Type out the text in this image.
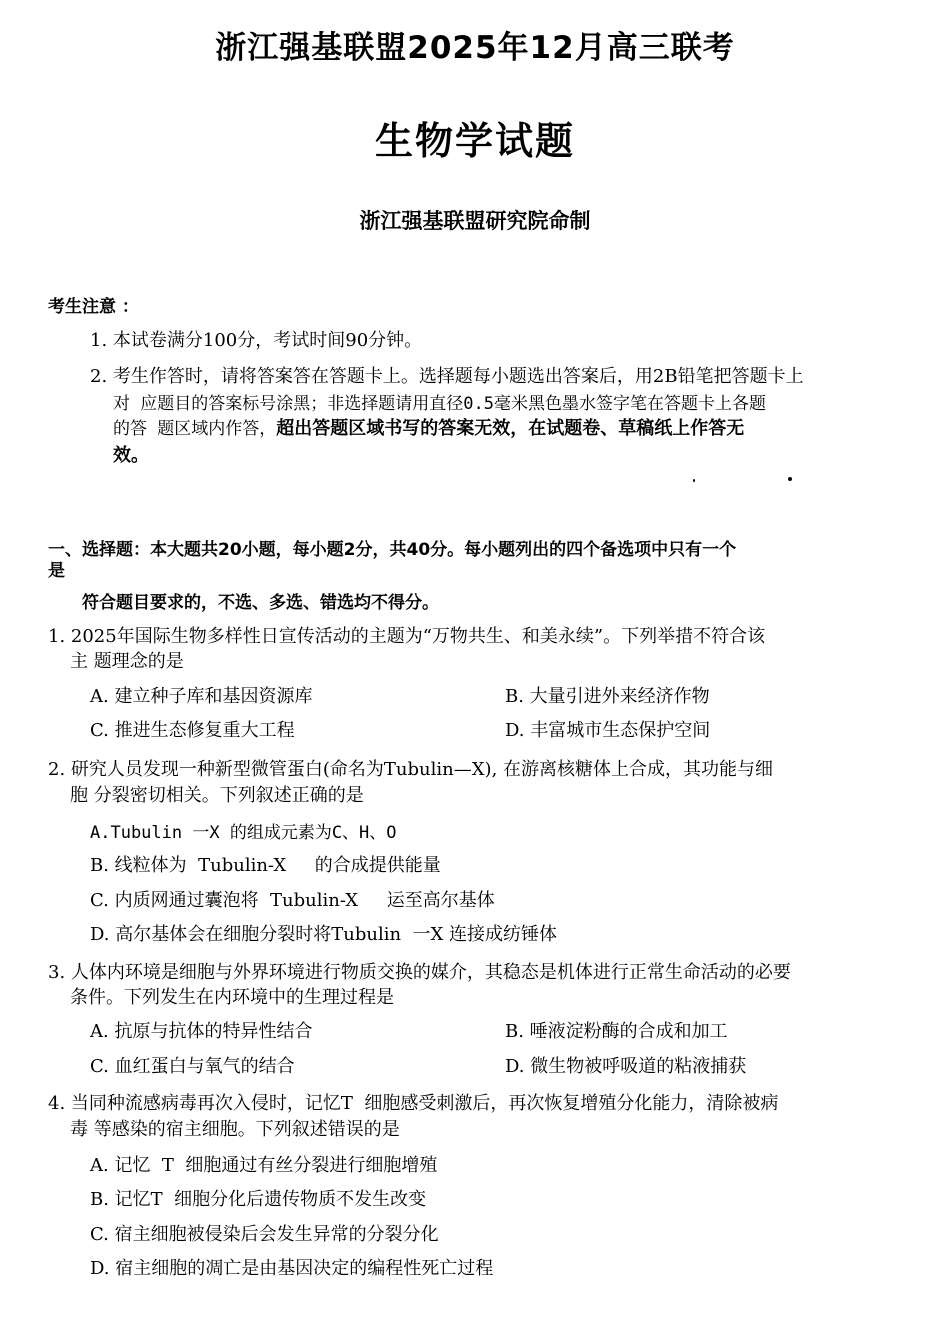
浙江强基联盟2025年12月高三联考
生物学试题
浙江强基联盟研究院命制
考生注意 ：
1. 本试卷满分100分，考试时间90分钟。
2. 考生作答时，请将答案答在答题卡上。选择题每小题选出答案后，用2B铅笔把答题卡上
对 应题目的答案标号涂黑；非选择题请用直径0.5毫米黑色墨水签字笔在答题卡上各题
的答 题区域内作答，超出答题区域书写的答案无效，在试题卷、草稿纸上作答无
效。
一、选择题：本大题共20小题，每小题2分，共40分。每小题列出的四个备选项中只有一个
是
符合题目要求的，不选、多选、错选均不得分。
1. 2025年国际生物多样性日宣传活动的主题为“万物共生、和美永续”。下列举措不符合该
主 题理念的是
A. 建立种子库和基因资源库	B. 大量引进外来经济作物
C. 推进生态修复重大工程	D. 丰富城市生态保护空间
2. 研究人员发现一种新型微管蛋白(命名为Tubulin—X), 在游离核糖体上合成，其功能与细
胞 分裂密切相关。下列叙述正确的是
A.Tubulin 一X 的组成元素为C、H、O
B. 线粒体为  Tubulin-X     的合成提供能量
C. 内质网通过囊泡将  Tubulin-X     运至高尔基体
D. 高尔基体会在细胞分裂时将Tubulin  一X 连接成纺锤体
3. 人体内环境是细胞与外界环境进行物质交换的媒介，其稳态是机体进行正常生命活动的必要
条件。下列发生在内环境中的生理过程是
A. 抗原与抗体的特异性结合	B. 唾液淀粉酶的合成和加工
C. 血红蛋白与氧气的结合	D. 微生物被呼吸道的粘液捕获
4. 当同种流感病毒再次入侵时，记忆T  细胞感受刺激后，再次恢复增殖分化能力，清除被病
毒 等感染的宿主细胞。下列叙述错误的是
A. 记忆  T  细胞通过有丝分裂进行细胞增殖
B. 记忆T  细胞分化后遗传物质不发生改变
C. 宿主细胞被侵染后会发生异常的分裂分化
D. 宿主细胞的凋亡是由基因决定的编程性死亡过程
